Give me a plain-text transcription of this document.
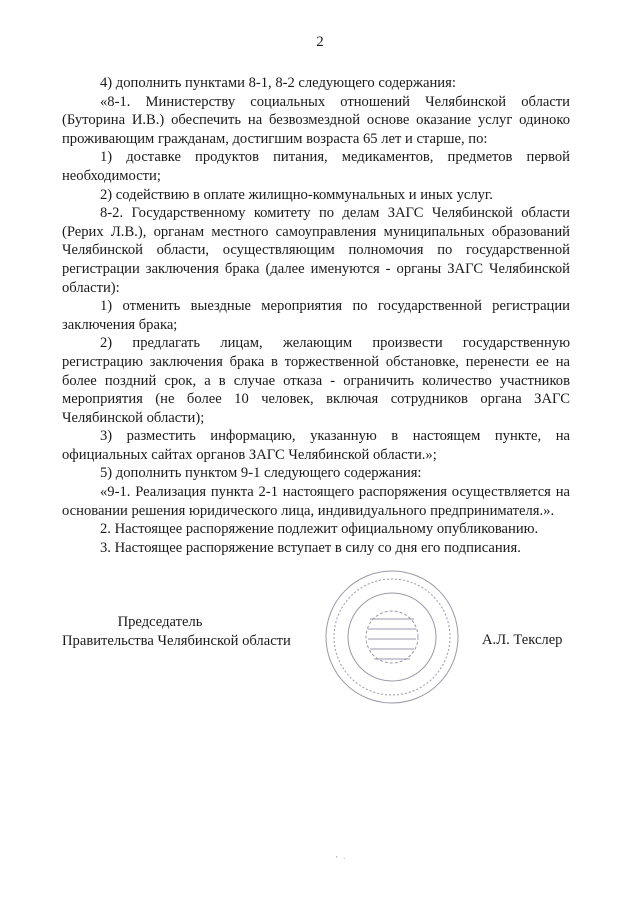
2

4) дополнить пунктами 8-1, 8-2 следующего содержания:

«8-1. Министерству социальных отношений Челябинской области (Буторина И.В.) обеспечить на безвозмездной основе оказание услуг одиноко проживающим гражданам, достигшим возраста 65 лет и старше, по:

1) доставке продуктов питания, медикаментов, предметов первой необходимости;

2) содействию в оплате жилищно-коммунальных и иных услуг.

8-2. Государственному комитету по делам ЗАГС Челябинской области (Рерих Л.В.), органам местного самоуправления муниципальных образований Челябинской области, осуществляющим полномочия по государственной регистрации заключения брака (далее именуются - органы ЗАГС Челябинской области):

1) отменить выездные мероприятия по государственной регистрации заключения брака;

2) предлагать лицам, желающим произвести государственную регистрацию заключения брака в торжественной обстановке, перенести ее на более поздний срок, а в случае отказа - ограничить количество участников мероприятия (не более 10 человек, включая сотрудников органа ЗАГС Челябинской области);

3) разместить информацию, указанную в настоящем пункте, на официальных сайтах органов ЗАГС Челябинской области.»;

5) дополнить пунктом 9-1 следующего содержания:

«9-1. Реализация пункта 2-1 настоящего распоряжения осуществляется на основании решения юридического лица, индивидуального предпринимателя.».

2. Настоящее распоряжение подлежит официальному опубликованию.

3. Настоящее распоряжение вступает в силу со дня его подписания.

Председатель
Правительства Челябинской области	А.Л. Текслер
' ·
